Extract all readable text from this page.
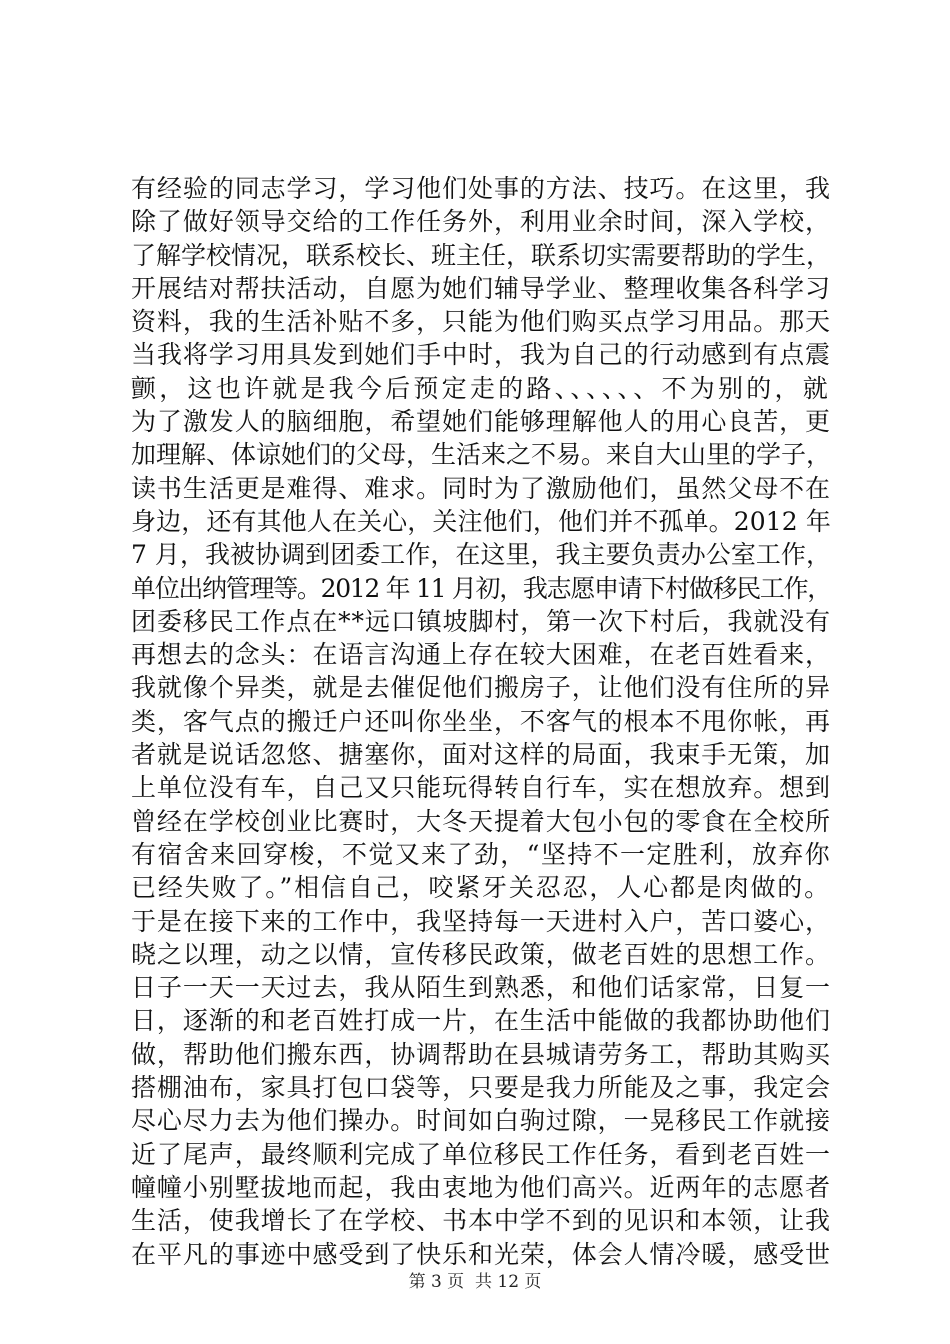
有经验的同志学习，学习他们处事的方法、技巧。在这里，我
除了做好领导交给的工作任务外，利用业余时间，深入学校，
了解学校情况，联系校长、班主任，联系切实需要帮助的学生，
开展结对帮扶活动，自愿为她们辅导学业、整理收集各科学习
资料，我的生活补贴不多，只能为他们购买点学习用品。那天
当我将学习用具发到她们手中时，我为自己的行动感到有点震
颤，这也许就是我今后预定走的路、、、、、、不为别的，就
为了激发人的脑细胞，希望她们能够理解他人的用心良苦，更
加理解、体谅她们的父母，生活来之不易。来自大山里的学子，
读书生活更是难得、难求。同时为了激励他们，虽然父母不在
身边，还有其他人在关心，关注他们，他们并不孤单。2012 年
7 月，我被协调到团委工作，在这里，我主要负责办公室工作，
单位出纳管理等。2012 年 11 月初，我志愿申请下村做移民工作，
团委移民工作点在**远口镇坡脚村，第一次下村后，我就没有
再想去的念头：在语言沟通上存在较大困难，在老百姓看来，
我就像个异类，就是去催促他们搬房子，让他们没有住所的异
类，客气点的搬迁户还叫你坐坐，不客气的根本不甩你帐，再
者就是说话忽悠、搪塞你，面对这样的局面，我束手无策，加
上单位没有车，自己又只能玩得转自行车，实在想放弃。想到
曾经在学校创业比赛时，大冬天提着大包小包的零食在全校所
有宿舍来回穿梭，不觉又来了劲，“坚持不一定胜利，放弃你
已经失败了。”相信自己，咬紧牙关忍忍，人心都是肉做的。
于是在接下来的工作中，我坚持每一天进村入户，苦口婆心，
晓之以理，动之以情，宣传移民政策，做老百姓的思想工作。
日子一天一天过去，我从陌生到熟悉，和他们话家常，日复一
日，逐渐的和老百姓打成一片，在生活中能做的我都协助他们
做，帮助他们搬东西，协调帮助在县城请劳务工，帮助其购买
搭棚油布，家具打包口袋等，只要是我力所能及之事，我定会
尽心尽力去为他们操办。时间如白驹过隙，一晃移民工作就接
近了尾声，最终顺利完成了单位移民工作任务，看到老百姓一
幢幢小别墅拔地而起，我由衷地为他们高兴。近两年的志愿者
生活，使我增长了在学校、书本中学不到的见识和本领，让我
在平凡的事迹中感受到了快乐和光荣，体会人情冷暖，感受世
第 3 页  共 12 页
